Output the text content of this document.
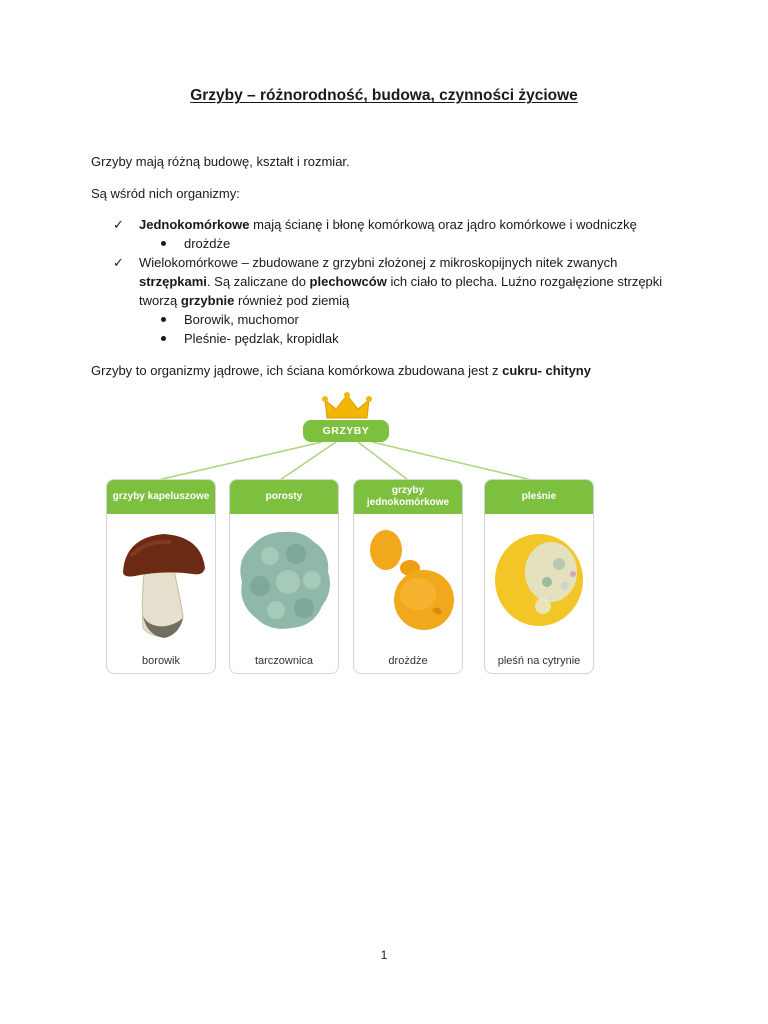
Grzyby – różnorodność, budowa, czynności życiowe
Grzyby mają różną budowę, kształt i rozmiar.
Są wśród nich organizmy:
✓	Jednokomórkowe mają ścianę i błonę komórkową oraz jądro komórkowe i wodniczkę
drożdże
✓	Wielokomórkowe – zbudowane z grzybni złożonej z mikroskopijnych nitek zwanych strzępkami. Są zaliczane do plechowców ich ciało to plecha. Luźno rozgałęzione strzępki tworzą grzybnie również pod ziemią
Borowik, muchomor
Pleśnie- pędzlak, kropidlak
Grzyby to organizmy jądrowe, ich ściana komórkowa zbudowana jest z cukru- chityny
GRZYBY
grzyby kapeluszowe
borowik
porosty
tarczownica
grzyby jednokomórkowe
drożdże
pleśnie
pleśń na cytrynie
1
